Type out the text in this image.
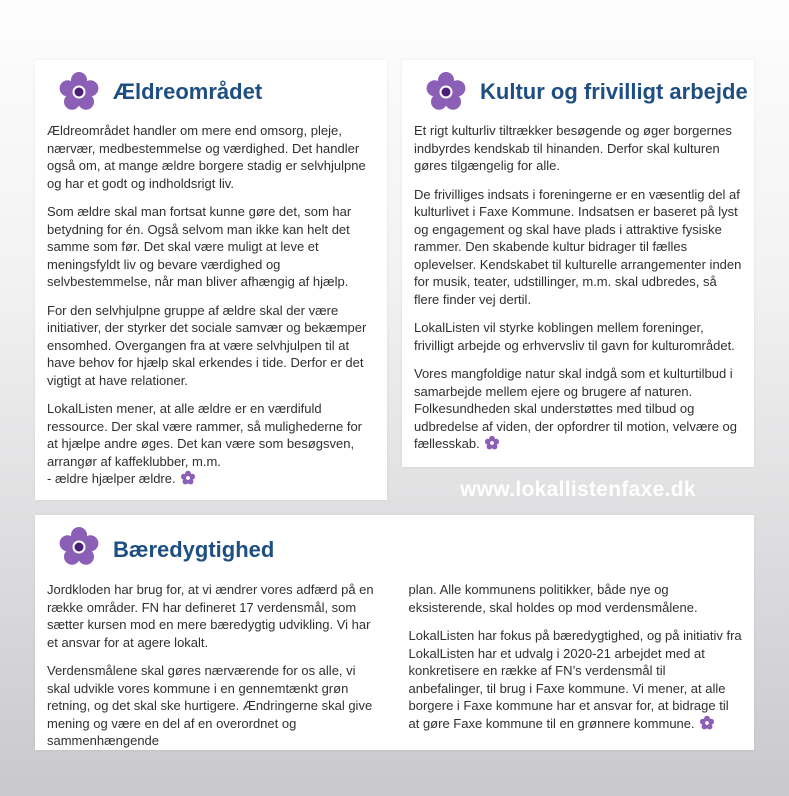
Ældreområdet

Ældreområdet handler om mere end omsorg, pleje, nærvær, medbestemmelse og værdighed. Det handler også om, at mange ældre borgere stadig er selvhjulpne og har et godt og indholdsrigt liv.

Som ældre skal man fortsat kunne gøre det, som har betydning for én. Også selvom man ikke kan helt det samme som før. Det skal være muligt at leve et meningsfyldt liv og bevare værdighed og selvbestemmelse, når man bliver afhængig af hjælp.

For den selvhjulpne gruppe af ældre skal der være initiativer, der styrker det sociale samvær og bekæmper ensomhed. Overgangen fra at være selvhjulpen til at have behov for hjælp skal erkendes i tide. Derfor er det vigtigt at have relationer.

LokalListen mener, at alle ældre er en værdifuld ressource. Der skal være rammer, så mulighederne for at hjælpe andre øges. Det kan være som besøgsven, arrangør af kaffeklubber, m.m.
- ældre hjælper ældre.

Kultur og frivilligt arbejde

Et rigt kulturliv tiltrækker besøgende og øger borgernes indbyrdes kendskab til hinanden. Derfor skal kulturen gøres tilgængelig for alle.

De frivilliges indsats i foreningerne er en væsentlig del af kulturlivet i Faxe Kommune. Indsatsen er baseret på lyst og engagement og skal have plads i attraktive fysiske rammer. Den skabende kultur bidrager til fælles oplevelser. Kendskabet til kulturelle arrangementer inden for musik, teater, udstillinger, m.m. skal udbredes, så flere finder vej dertil.

LokalListen vil styrke koblingen mellem foreninger, frivilligt arbejde og erhvervsliv til gavn for kulturområdet.

Vores mangfoldige natur skal indgå som et kulturtilbud i samarbejde mellem ejere og brugere af naturen. Folkesundheden skal understøttes med tilbud og udbredelse af viden, der opfordrer til motion, velvære og fællesskab.

www.lokallistenfaxe.dk
Bæredygtighed

Jordkloden har brug for, at vi ændrer vores adfærd på en række områder. FN har defineret 17 verdensmål, som sætter kursen mod en mere bæredygtig udvikling. Vi har et ansvar for at agere lokalt.

Verdensmålene skal gøres nærværende for os alle, vi skal udvikle vores kommune i en gennemtænkt grøn retning, og det skal ske hurtigere. Ændringerne skal give mening og være en del af en overordnet og sammenhængende

plan. Alle kommunens politikker, både nye og eksisterende, skal holdes op mod verdensmålene.

LokalListen har fokus på bæredygtighed, og på initiativ fra LokalListen har et udvalg i 2020-21 arbejdet med at konkretisere en række af FN’s verdensmål til anbefalinger, til brug i Faxe kommune. Vi mener, at alle borgere i Faxe kommune har et ansvar for, at bidrage til at gøre Faxe kommune til en grønnere kommune.
